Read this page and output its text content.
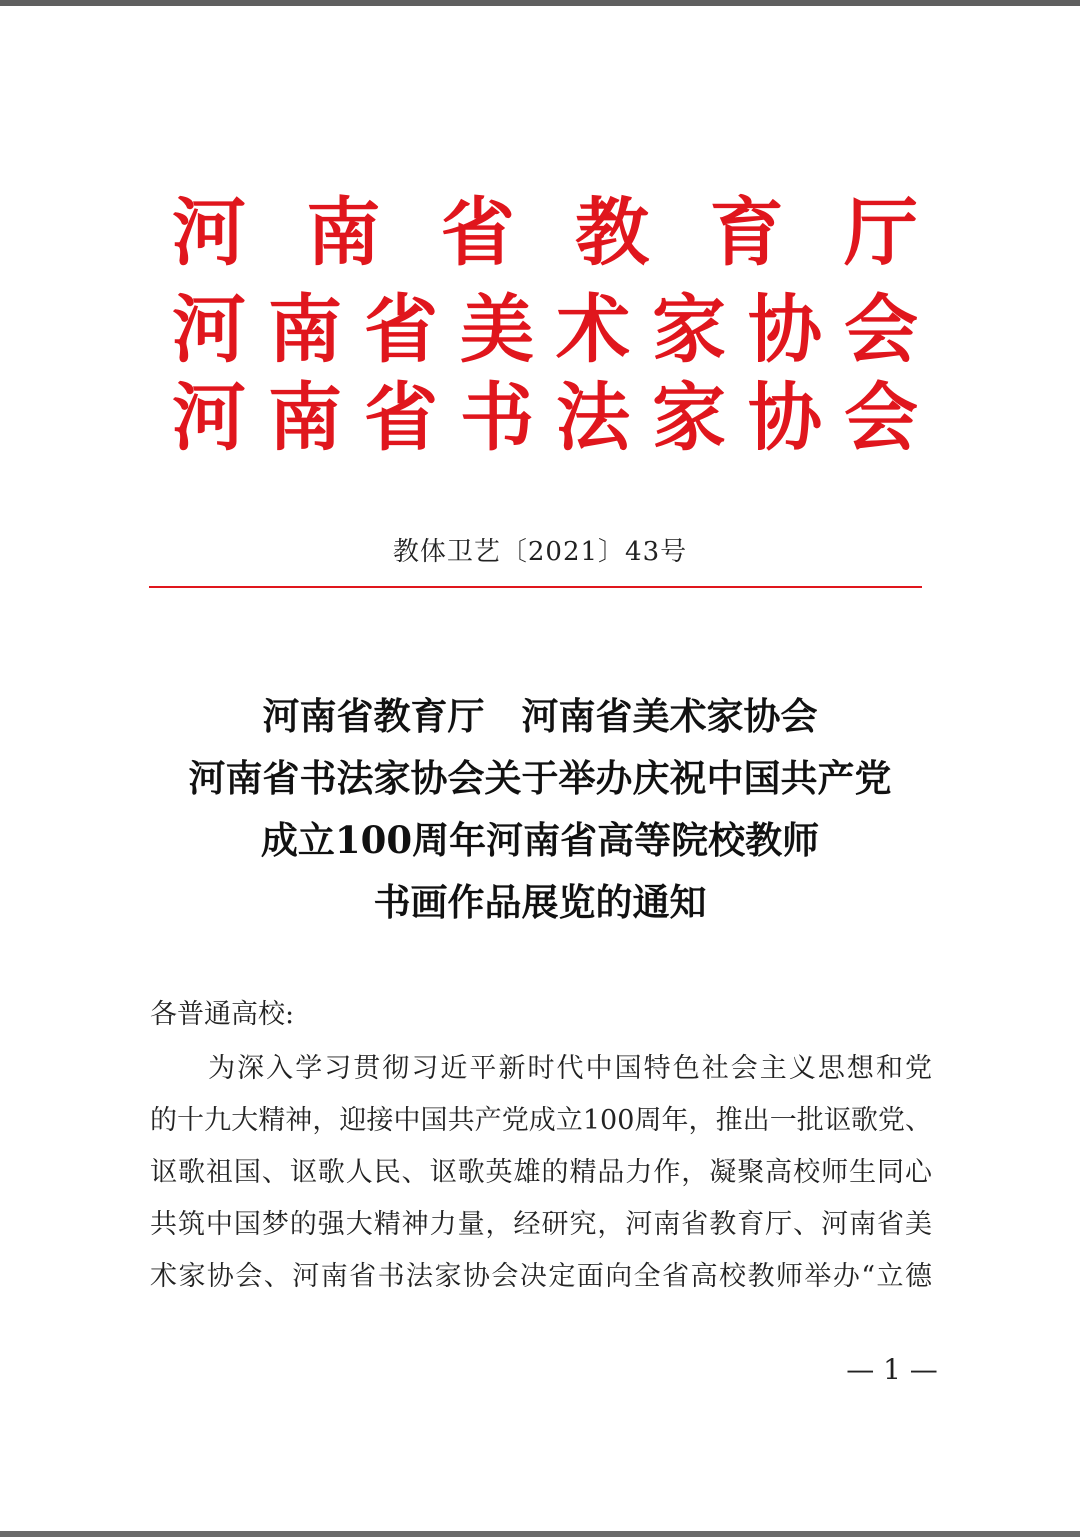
河 南 省 教 育 厅
河 南 省 美 术 家 协 会
河 南 省 书 法 家 协 会
教体卫艺〔2021〕43号
河南省教育厅　河南省美术家协会
河南省书法家协会关于举办庆祝中国共产党
成立100周年河南省高等院校教师
书画作品展览的通知
各普通高校:
　　为深入学习贯彻习近平新时代中国特色社会主义思想和党
的十九大精神，迎接中国共产党成立100周年，推出一批讴歌党、
讴歌祖国、讴歌人民、讴歌英雄的精品力作，凝聚高校师生同心
共筑中国梦的强大精神力量，经研究，河南省教育厅、河南省美
术家协会、河南省书法家协会决定面向全省高校教师举办“立德
— 1 —
